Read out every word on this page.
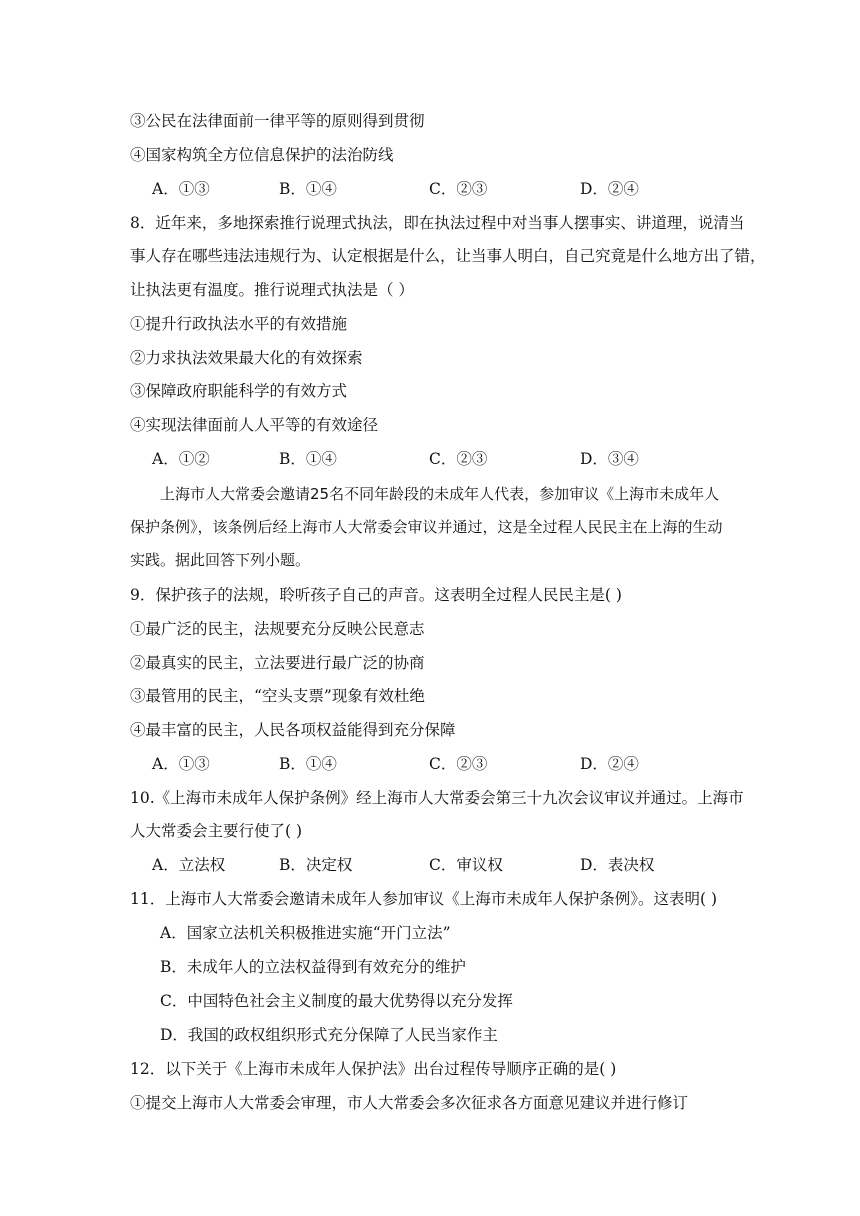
③公民在法律面前一律平等的原则得到贯彻
④国家构筑全方位信息保护的法治防线
A．①③	B．①④	C．②③	D．②④
8．近年来，多地探索推行说理式执法，即在执法过程中对当事人摆事实、讲道理，说清当
事人存在哪些违法违规行为、认定根据是什么，让当事人明白，自己究竟是什么地方出了错，
让执法更有温度。推行说理式执法是（ ）
①提升行政执法水平的有效措施
②力求执法效果最大化的有效探索
③保障政府职能科学的有效方式
④实现法律面前人人平等的有效途径
A．①②	B．①④	C．②③	D．③④
上海市人大常委会邀请25名不同年龄段的未成年人代表，参加审议《上海市未成年人
保护条例》，该条例后经上海市人大常委会审议并通过，这是全过程人民民主在上海的生动
实践。据此回答下列小题。
9．保护孩子的法规，聆听孩子自己的声音。这表明全过程人民民主是( )
①最广泛的民主，法规要充分反映公民意志
②最真实的民主，立法要进行最广泛的协商
③最管用的民主，“空头支票”现象有效杜绝
④最丰富的民主，人民各项权益能得到充分保障
A．①③	B．①④	C．②③	D．②④
10.《上海市未成年人保护条例》经上海市人大常委会第三十九次会议审议并通过。上海市
人大常委会主要行使了( )
A．立法权	B．决定权	C．审议权	D．表决权
11．上海市人大常委会邀请未成年人参加审议《上海市未成年人保护条例》。这表明( )
A．国家立法机关积极推进实施“开门立法”
B．未成年人的立法权益得到有效充分的维护
C．中国特色社会主义制度的最大优势得以充分发挥
D．我国的政权组织形式充分保障了人民当家作主
12．以下关于《上海市未成年人保护法》出台过程传导顺序正确的是( )
①提交上海市人大常委会审理，市人大常委会多次征求各方面意见建议并进行修订
